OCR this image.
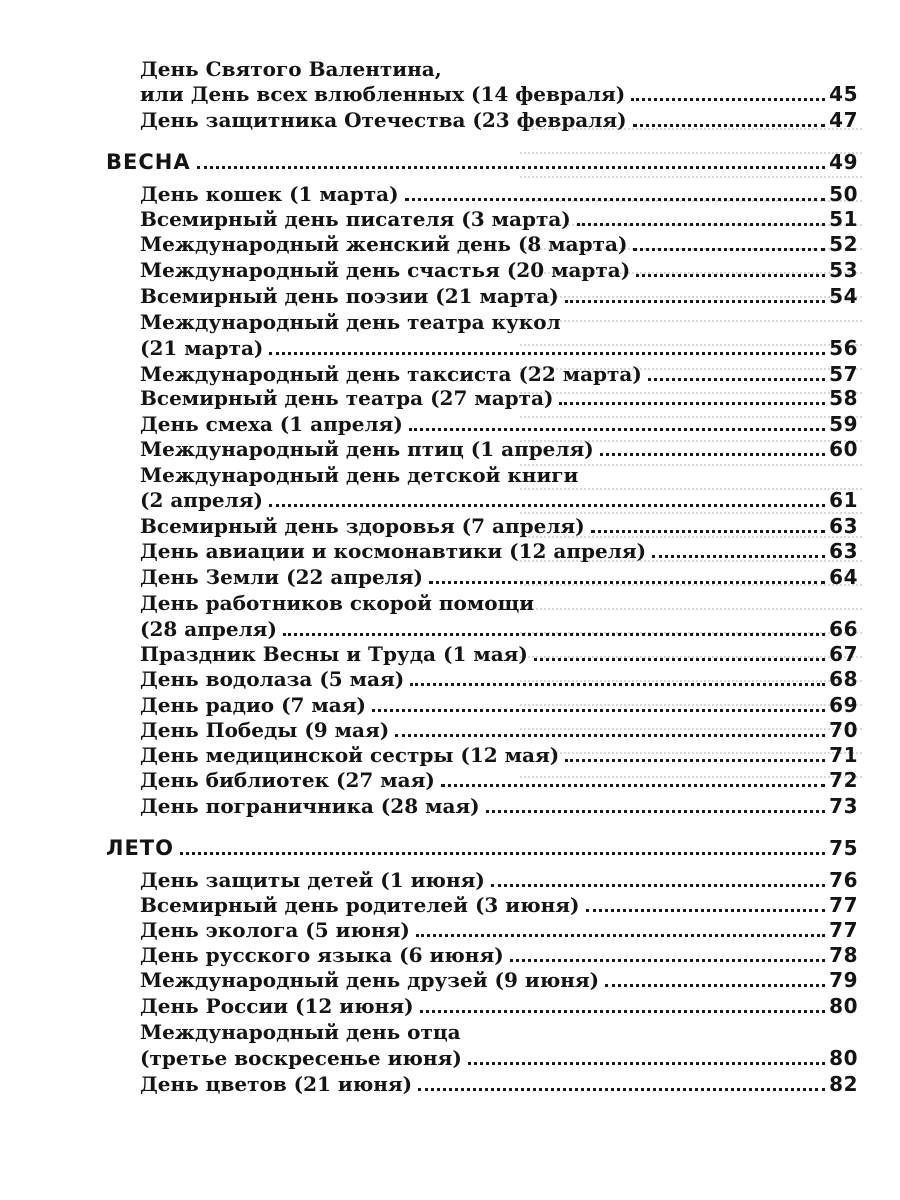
День Святого Валентина,
или День всех влюбленных (14 февраля)	45
День защитника Отечества (23 февраля)	47
ВЕСНА	49
День кошек (1 марта)	50
Всемирный день писателя (3 марта)	51
Международный женский день (8 марта)	52
Международный день счастья (20 марта)	53
Всемирный день поэзии (21 марта)	54
Международный день театра кукол
(21 марта)	56
Международный день таксиста (22 марта)	57
Всемирный день театра (27 марта)	58
День смеха (1 апреля)	59
Международный день птиц (1 апреля)	60
Международный день детской книги
(2 апреля)	61
Всемирный день здоровья (7 апреля)	63
День авиации и космонавтики (12 апреля)	63
День Земли (22 апреля)	64
День работников скорой помощи
(28 апреля)	66
Праздник Весны и Труда (1 мая)	67
День водолаза (5 мая)	68
День радио (7 мая)	69
День Победы (9 мая)	70
День медицинской сестры (12 мая)	71
День библиотек (27 мая)	72
День пограничника (28 мая)	73
ЛЕТО	75
День защиты детей (1 июня)	76
Всемирный день родителей (3 июня)	77
День эколога (5 июня)	77
День русского языка (6 июня)	78
Международный день друзей (9 июня)	79
День России (12 июня)	80
Международный день отца
(третье воскресенье июня)	80
День цветов (21 июня)	82
